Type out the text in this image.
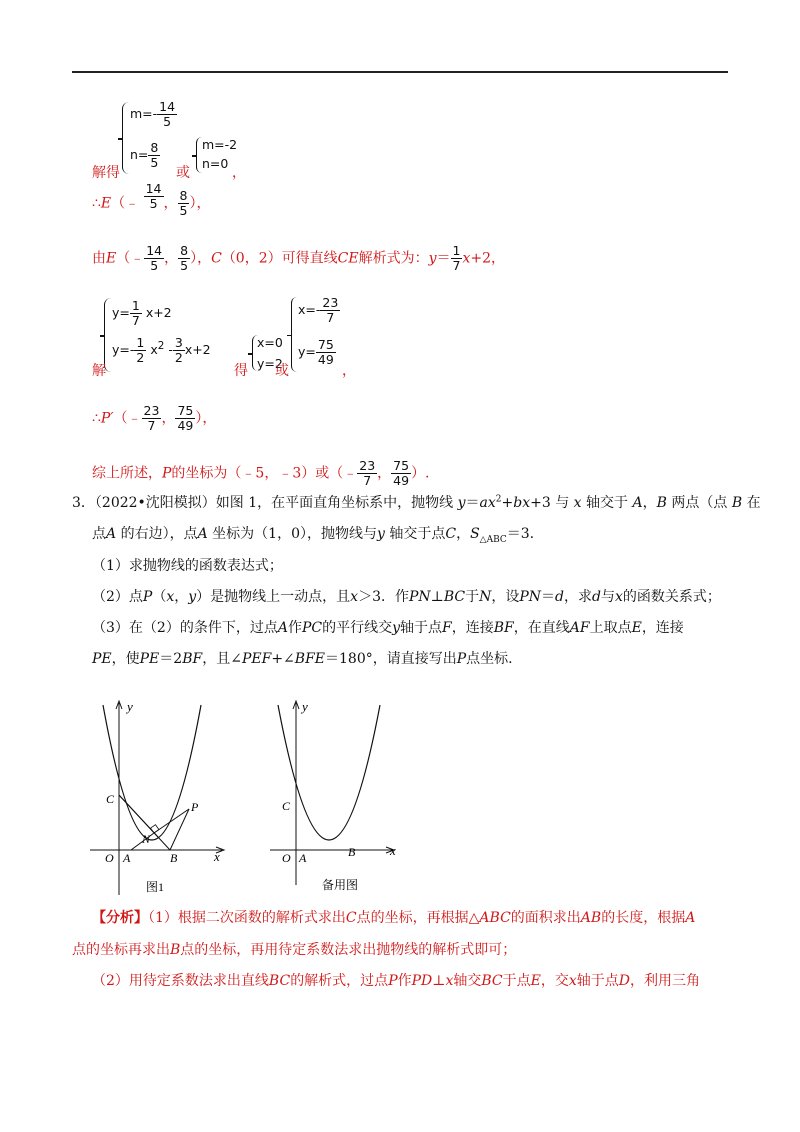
$m=- \frac{14}{5}$
$n= \frac{8}{5}$
解得	或
m=-2
n=0
，
∴E（﹣ $\frac{14}{5}$ ， $\frac{8}{5}$ ），
由E（﹣ $\frac{14}{5}$ ， $\frac{8}{5}$ ），C（0，2）可得直线CE解析式为：$y= \frac{1}{7} x+2$，
$y= \frac{1}{7} x+2$
$y=- \frac{1}{2} x^2 - \frac{3}{2} x+2$
解	得
x=0
y=2
或
$x=- \frac{23}{7}$
$y= \frac{75}{49}$
，
∴P′（﹣ $\frac{23}{7}$ ， $\frac{75}{49}$ ），
综上所述，P的坐标为（﹣5，﹣3）或（﹣ $\frac{23}{7}$ ， $\frac{75}{49}$ ）.
3．（2022•沈阳模拟）如图 1，在平面直角坐标系中，抛物线 $y=ax^2+bx+3$ 与 x 轴交于 A，B 两点（点 B 在
点A 的右边），点A 坐标为（1，0），抛物线与y 轴交于点C，$S_{\triangle ABC}=3$.
（1）求抛物线的函数表达式；
（2）点P（x，y）是抛物线上一动点，且x＞3．作PN⊥BC于N，设PN＝d，求d与x的函数关系式；
（3）在（2）的条件下，过点A作PC的平行线交y轴于点F，连接BF，在直线AF上取点E，连接
PE，使PE＝2BF，且∠PEF+∠BFE＝180°，请直接写出P点坐标.
y
x
O A	B
C
N
P
图1
y
x
O A	B
C
备用图
【分析】（1）根据二次函数的解析式求出C点的坐标，再根据△ABC的面积求出AB的长度，根据A
点的坐标再求出B点的坐标，再用待定系数法求出抛物线的解析式即可；
（2）用待定系数法求出直线BC的解析式，过点P作PD⊥x轴交BC于点E，交x轴于点D，利用三角
